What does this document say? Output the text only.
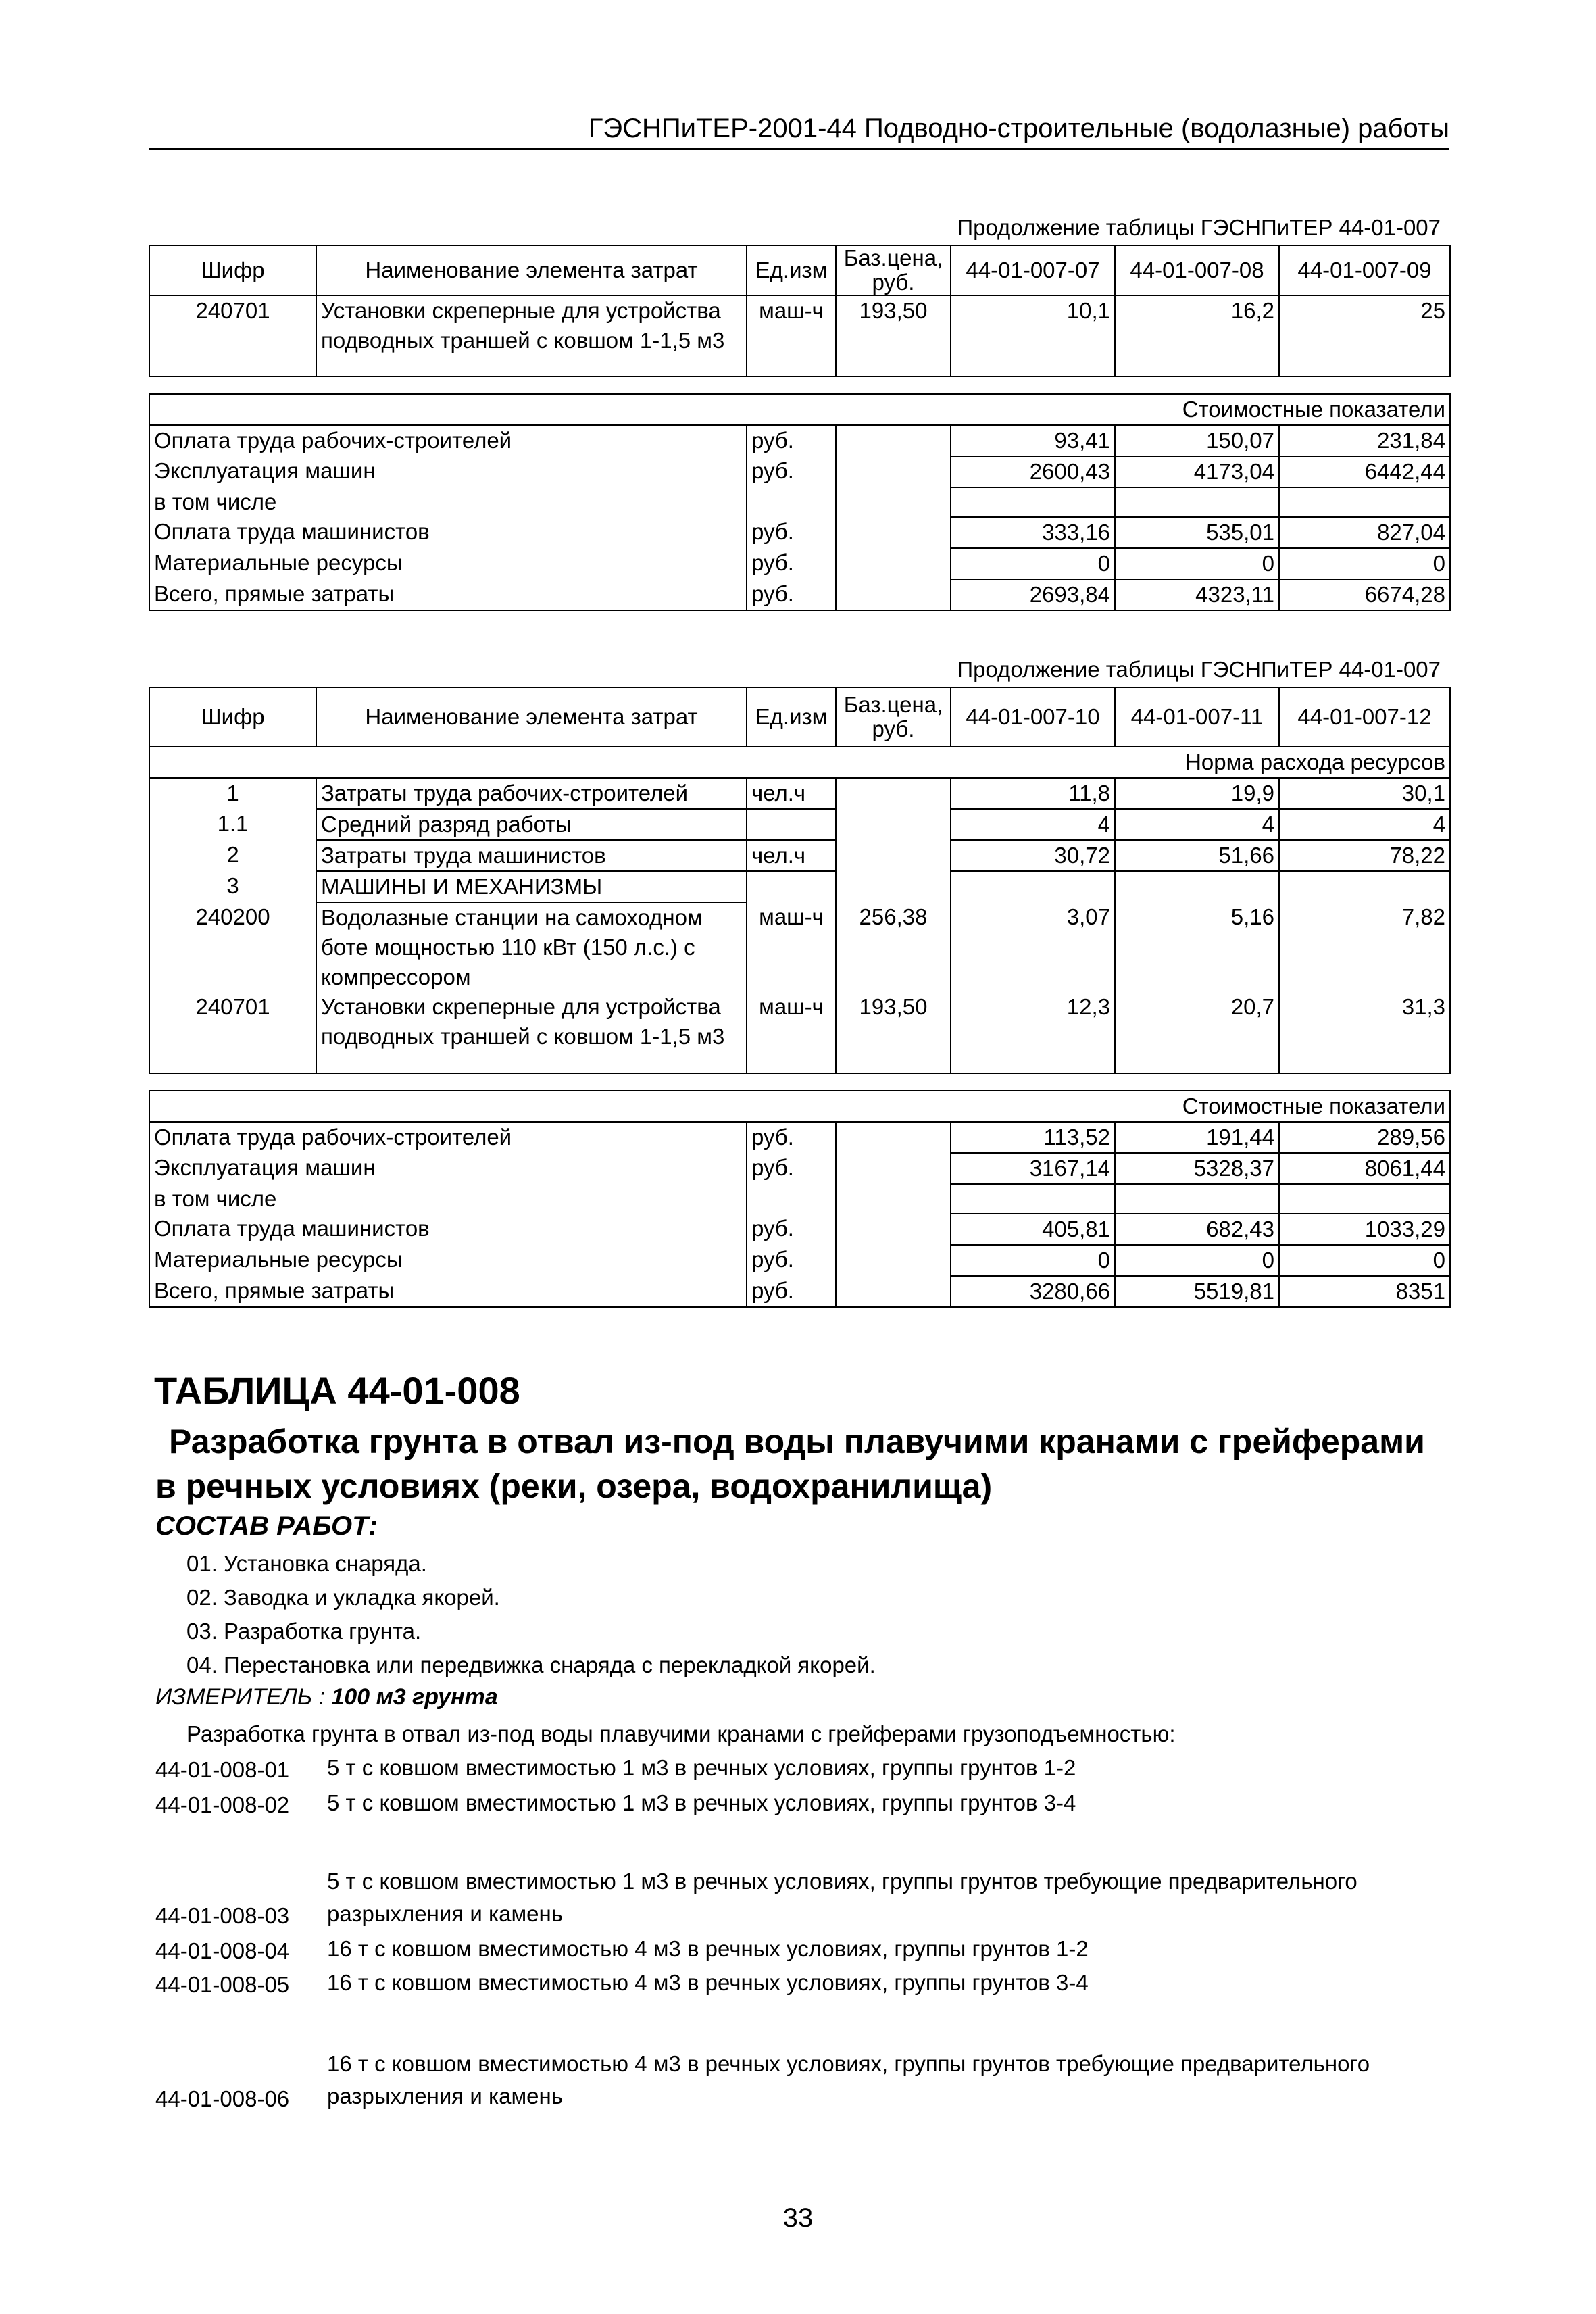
ГЭСНПиТЕР-2001-44 Подводно-строительные (водолазные) работы
Продолжение таблицы ГЭСНПиТЕР 44-01-007
Шифр	Наименование элемента затрат	Ед.изм	Баз.цена, руб.	44-01-007-07	44-01-007-08	44-01-007-09
240701	Установки скреперные для устройства подводных траншей с ковшом 1-1,5 м3	маш-ч	193,50	10,1	16,2	25

Стоимостные показатели						
Оплата труда рабочих-строителей		руб.		93,41	150,07	231,84
Эксплуатация машин		руб.		2600,43	4173,04	6442,44
в том числе						
Оплата труда машинистов		руб.		333,16	535,01	827,04
Материальные ресурсы		руб.		0	0	0
Всего, прямые затраты		руб.		2693,84	4323,11	6674,28
Продолжение таблицы ГЭСНПиТЕР 44-01-007
Шифр	Наименование элемента затрат	Ед.изм	Баз.цена, руб.	44-01-007-10	44-01-007-11	44-01-007-12
Норма расхода ресурсов						
1	Затраты труда рабочих-строителей	чел.ч		11,8	19,9	30,1
1.1	Средний разряд работы			4	4	4
2	Затраты труда машинистов	чел.ч		30,72	51,66	78,22
3	МАШИНЫ И МЕХАНИЗМЫ					
240200	Водолазные станции на самоходном боте мощностью 110 кВт (150 л.с.) с компрессором	маш-ч	256,38	3,07	5,16	7,82
240701	Установки скреперные для устройства подводных траншей с ковшом 1-1,5 м3	маш-ч	193,50	12,3	20,7	31,3

Стоимостные показатели						
Оплата труда рабочих-строителей		руб.		113,52	191,44	289,56
Эксплуатация машин		руб.		3167,14	5328,37	8061,44
в том числе						
Оплата труда машинистов		руб.		405,81	682,43	1033,29
Материальные ресурсы		руб.		0	0	0
Всего, прямые затраты		руб.		3280,66	5519,81	8351
ТАБЛИЦА 44-01-008
Разработка грунта в отвал из-под воды плавучими кранами с грейферами в речных условиях (реки, озера, водохранилища)
СОСТАВ РАБОТ:
01. Установка снаряда.
02. Заводка и укладка якорей.
03. Разработка грунта.
04. Перестановка или передвижка снаряда с перекладкой якорей.
ИЗМЕРИТЕЛЬ : 100 м3 грунта
Разработка грунта в отвал из-под воды плавучими кранами с грейферами грузоподъемностью:
44-01-008-01 5 т с ковшом вместимостью 1 м3 в речных условиях, группы грунтов 1-2
44-01-008-02 5 т с ковшом вместимостью 1 м3 в речных условиях, группы грунтов 3-4
44-01-008-03
5 т с ковшом вместимостью 1 м3 в речных условиях, группы грунтов требующие предварительного
разрыхления и камень
44-01-008-04 16 т с ковшом вместимостью 4 м3 в речных условиях, группы грунтов 1-2
44-01-008-05 16 т с ковшом вместимостью 4 м3 в речных условиях, группы грунтов 3-4
44-01-008-06
16 т с ковшом вместимостью 4 м3 в речных условиях, группы грунтов требующие предварительного
разрыхления и камень
33
